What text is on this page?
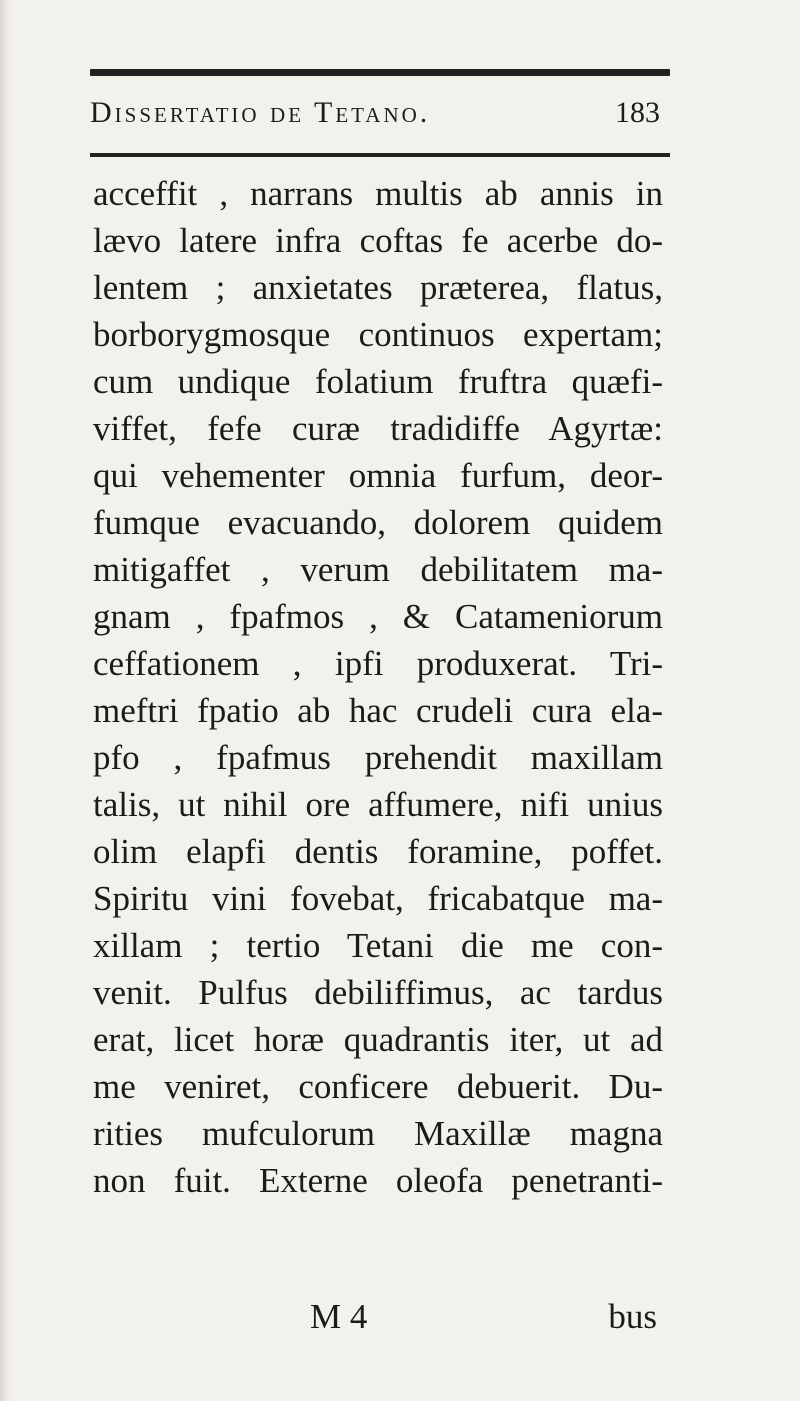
Dissertatio de Tetano.	183
acceffit , narrans multis ab annis in
lævo latere infra coftas fe acerbe do-
lentem ; anxietates præterea, flatus,
borborygmosque continuos expertam;
cum undique folatium fruftra quæfi-
viffet, fefe curæ tradidiffe Agyrtæ:
qui vehementer omnia furfum, deor-
fumque evacuando, dolorem quidem
mitigaffet , verum debilitatem ma-
gnam , fpafmos , & Catameniorum
ceffationem , ipfi produxerat. Tri-
meftri fpatio ab hac crudeli cura ela-
pfo , fpafmus prehendit maxillam
talis, ut nihil ore affumere, nifi unius
olim elapfi dentis foramine, poffet.
Spiritu vini fovebat, fricabatque ma-
xillam ; tertio Tetani die me con-
venit. Pulfus debiliffimus, ac tardus
erat, licet horæ quadrantis iter, ut ad
me veniret, conficere debuerit. Du-
rities mufculorum Maxillæ magna
non fuit. Externe oleofa penetranti-
M 4	bus
